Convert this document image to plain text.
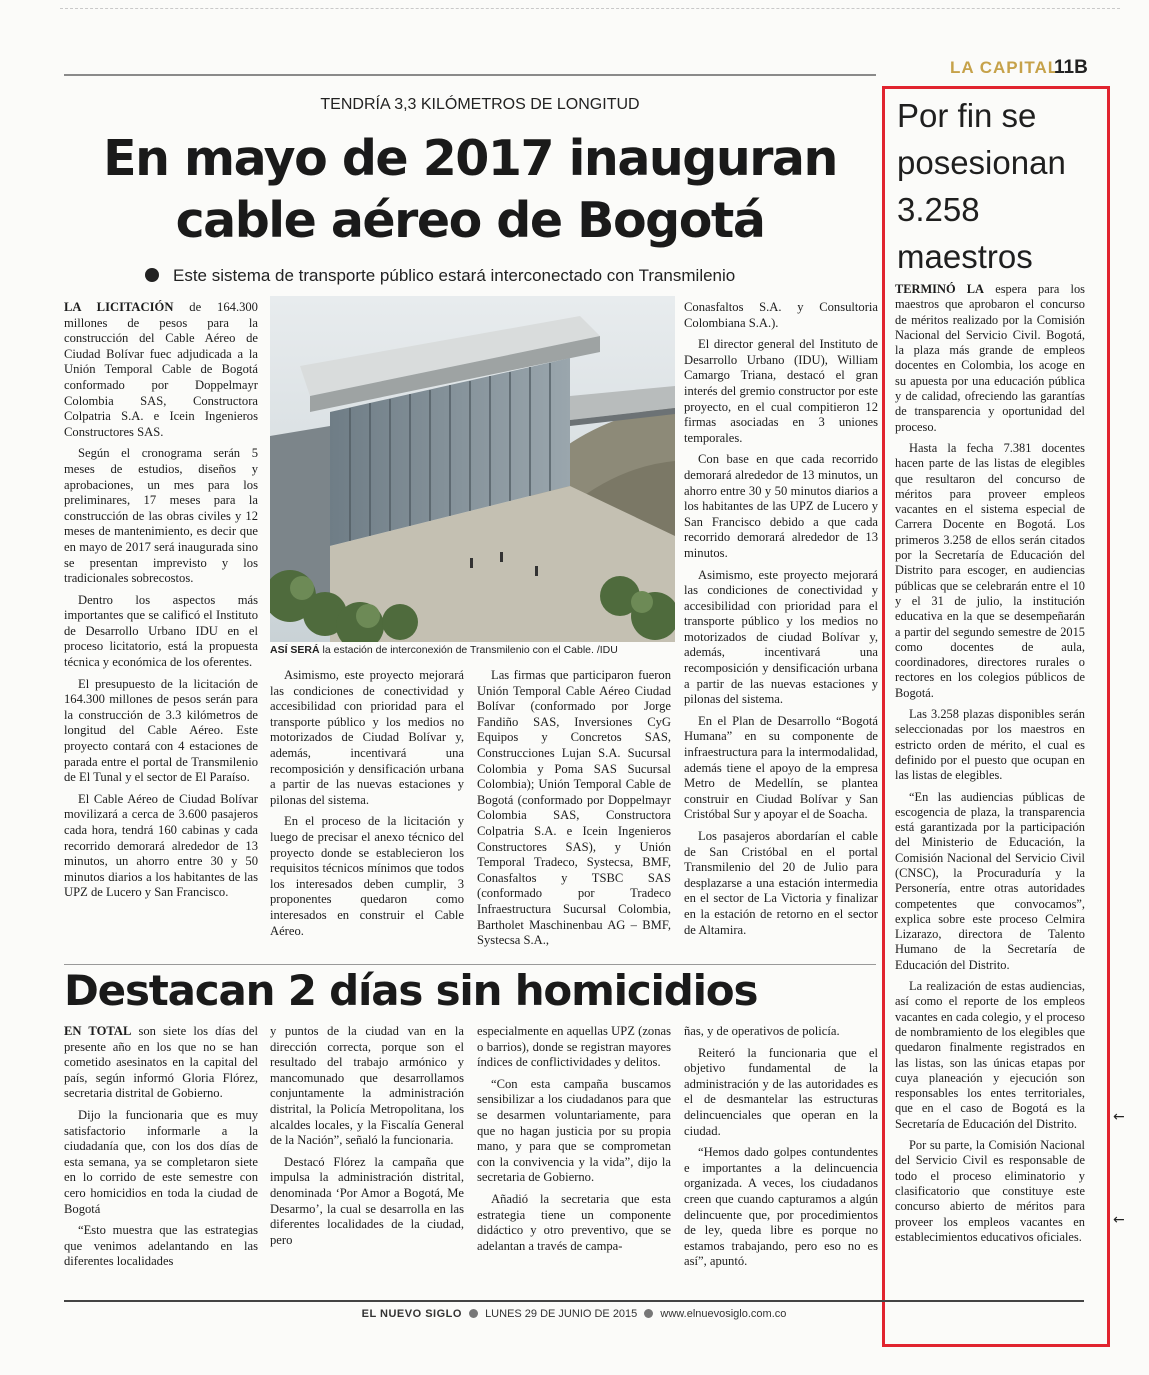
LA CAPITAL
11B
TENDRÍA 3,3 KILÓMETROS DE LONGITUD
En mayo de 2017 inauguran
cable aéreo de Bogotá
Este sistema de transporte público estará interconectado con Transmilenio

LA LICITACIÓN de 164.300 millones de pesos para la construcción del Cable Aéreo de Ciudad Bolívar fuec adjudicada a la Unión Temporal Cable de Bogotá conformado por Doppelmayr Colombia SAS, Constructora Colpatria S.A. e Icein Ingenieros Constructores SAS.

Según el cronograma serán 5 meses de estudios, diseños y aprobaciones, un mes para los preliminares, 17 meses para la construcción de las obras civiles y 12 meses de mantenimiento, es decir que en mayo de 2017 será inaugurada sino se presentan imprevisto y los tradicionales sobrecostos.

Dentro los aspectos más importantes que se calificó el Instituto de Desarrollo Urbano IDU en el proceso licitatorio, está la propuesta técnica y económica de los oferentes.

El presupuesto de la licitación de 164.300 millones de pesos serán para la construcción de 3.3 kilómetros de longitud del Cable Aéreo. Este proyecto contará con 4 estaciones de parada entre el portal de Transmilenio de El Tunal y el sector de El Paraíso.

El Cable Aéreo de Ciudad Bolívar movilizará a cerca de 3.600 pasajeros cada hora, tendrá 160 cabinas y cada recorrido demorará alrededor de 13 minutos, un ahorro entre 30 y 50 minutos diarios a los habitantes de las UPZ de Lucero y San Francisco.

Asimismo, este proyecto mejorará las condiciones de conectividad y accesibilidad con prioridad para el transporte público y los medios no motorizados de Ciudad Bolívar y, además, incentivará una recomposición y densificación urbana a partir de las nuevas estaciones y pilonas del sistema.

En el proceso de la licitación y luego de precisar el anexo técnico del proyecto donde se establecieron los requisitos técnicos mínimos que todos los interesados deben cumplir, 3 proponentes quedaron como interesados en construir el Cable Aéreo.

Las firmas que participaron fueron Unión Temporal Cable Aéreo Ciudad Bolívar (conformado por Jorge Fandiño SAS, Inversiones CyG Equipos y Concretos SAS, Construcciones Lujan S.A. Sucursal Colombia y Poma SAS Sucursal Colombia); Unión Temporal Cable de Bogotá (conformado por Doppelmayr Colombia SAS, Constructora Colpatria S.A. e Icein Ingenieros Constructores SAS), y Unión Temporal Tradeco, Systecsa, BMF, Conasfaltos y TSBC SAS (conformado por Tradeco Infraestructura Sucursal Colombia, Bartholet Maschinenbau AG – BMF, Systecsa S.A.,

Conasfaltos S.A. y Consultoria Colombiana S.A.).

El director general del Instituto de Desarrollo Urbano (IDU), William Camargo Triana, destacó el gran interés del gremio constructor por este proyecto, en el cual compitieron 12 firmas asociadas en 3 uniones temporales.

Con base en que cada recorrido demorará alrededor de 13 minutos, un ahorro entre 30 y 50 minutos diarios a los habitantes de las UPZ de Lucero y San Francisco debido a que cada recorrido demorará alrededor de 13 minutos.

Asimismo, este proyecto mejorará las condiciones de conectividad y accesibilidad con prioridad para el transporte público y los medios no motorizados de ciudad Bolívar y, además, incentivará una recomposición y densificación urbana a partir de las nuevas estaciones y pilonas del sistema.

En el Plan de Desarrollo “Bogotá Humana” en su componente de infraestructura para la intermodalidad, además tiene el apoyo de la empresa Metro de Medellín, se plantea construir en Ciudad Bolívar y San Cristóbal Sur y apoyar el de Soacha.

Los pasajeros abordarían el cable de San Cristóbal en el portal Transmilenio del 20 de Julio para desplazarse a una estación intermedia en el sector de La Victoria y finalizar en la estación de retorno en el sector de Altamira.

ASÍ SERÁ la estación de interconexión de Transmilenio con el Cable. /IDU
Destacan 2 días sin homicidios

EN TOTAL son siete los días del presente año en los que no se han cometido asesinatos en la capital del país, según informó Gloria Flórez, secretaria distrital de Gobierno.

Dijo la funcionaria que es muy satisfactorio informarle a la ciudadanía que, con los dos días de esta semana, ya se completaron siete en lo corrido de este semestre con cero homicidios en toda la ciudad de Bogotá

“Esto muestra que las estrategias que venimos adelantando en las diferentes localidades

y puntos de la ciudad van en la dirección correcta, porque son el resultado del trabajo armónico y mancomunado que desarrollamos conjuntamente la administración distrital, la Policía Metropolitana, los alcaldes locales, y la Fiscalía General de la Nación”, señaló la funcionaria.

Destacó Flórez la campaña que impulsa la administración distrital, denominada ‘Por Amor a Bogotá, Me Desarmo’, la cual se desarrolla en las diferentes localidades de la ciudad, pero

especialmente en aquellas UPZ (zonas o barrios), donde se registran mayores índices de conflictividades y delitos.

“Con esta campaña buscamos sensibilizar a los ciudadanos para que se desarmen voluntariamente, para que no hagan justicia por su propia mano, y para que se comprometan con la convivencia y la vida”, dijo la secretaria de Gobierno.

Añadió la secretaria que esta estrategia tiene un componente didáctico y otro preventivo, que se adelantan a través de campa-

ñas, y de operativos de policía.

Reiteró la funcionaria que el objetivo fundamental de la administración y de las autoridades es el de desmantelar las estructuras delincuenciales que operan en la ciudad.

“Hemos dado golpes contundentes e importantes a la delincuencia organizada. A veces, los ciudadanos creen que cuando capturamos a algún delincuente que, por procedimientos de ley, queda libre es porque no estamos trabajando, pero eso no es así”, apuntó.

Por fin se
posesionan
3.258
maestros

TERMINÓ LA espera para los maestros que aprobaron el concurso de méritos realizado por la Comisión Nacional del Servicio Civil. Bogotá, la plaza más grande de empleos docentes en Colombia, los acoge en su apuesta por una educación pública y de calidad, ofreciendo las garantías de transparencia y oportunidad del proceso.

Hasta la fecha 7.381 docentes hacen parte de las listas de elegibles que resultaron del concurso de méritos para proveer empleos vacantes en el sistema especial de Carrera Docente en Bogotá. Los primeros 3.258 de ellos serán citados por la Secretaría de Educación del Distrito para escoger, en audiencias públicas que se celebrarán entre el 10 y el 31 de julio, la institución educativa en la que se desempeñarán a partir del segundo semestre de 2015 como docentes de aula, coordinadores, directores rurales o rectores en los colegios públicos de Bogotá.

Las 3.258 plazas disponibles serán seleccionadas por los maestros en estricto orden de mérito, el cual es definido por el puesto que ocupan en las listas de elegibles.

“En las audiencias públicas de escogencia de plaza, la transparencia está garantizada por la participación del Ministerio de Educación, la Comisión Nacional del Servicio Civil (CNSC), la Procuraduría y la Personería, entre otras autoridades competentes que convocamos”, explica sobre este proceso Celmira Lizarazo, directora de Talento Humano de la Secretaría de Educación del Distrito.

La realización de estas audiencias, así como el reporte de los empleos vacantes en cada colegio, y el proceso de nombramiento de los elegibles que quedaron finalmente registrados en las listas, son las únicas etapas por cuya planeación y ejecución son responsables los entes territoriales, que en el caso de Bogotá es la Secretaría de Educación del Distrito.

Por su parte, la Comisión Nacional del Servicio Civil es responsable de todo el proceso eliminatorio y clasificatorio que constituye este concurso abierto de méritos para proveer los empleos vacantes en establecimientos educativos oficiales.

←
←
EL NUEVO SIGLO LUNES 29 DE JUNIO DE 2015 www.elnuevosiglo.com.co
